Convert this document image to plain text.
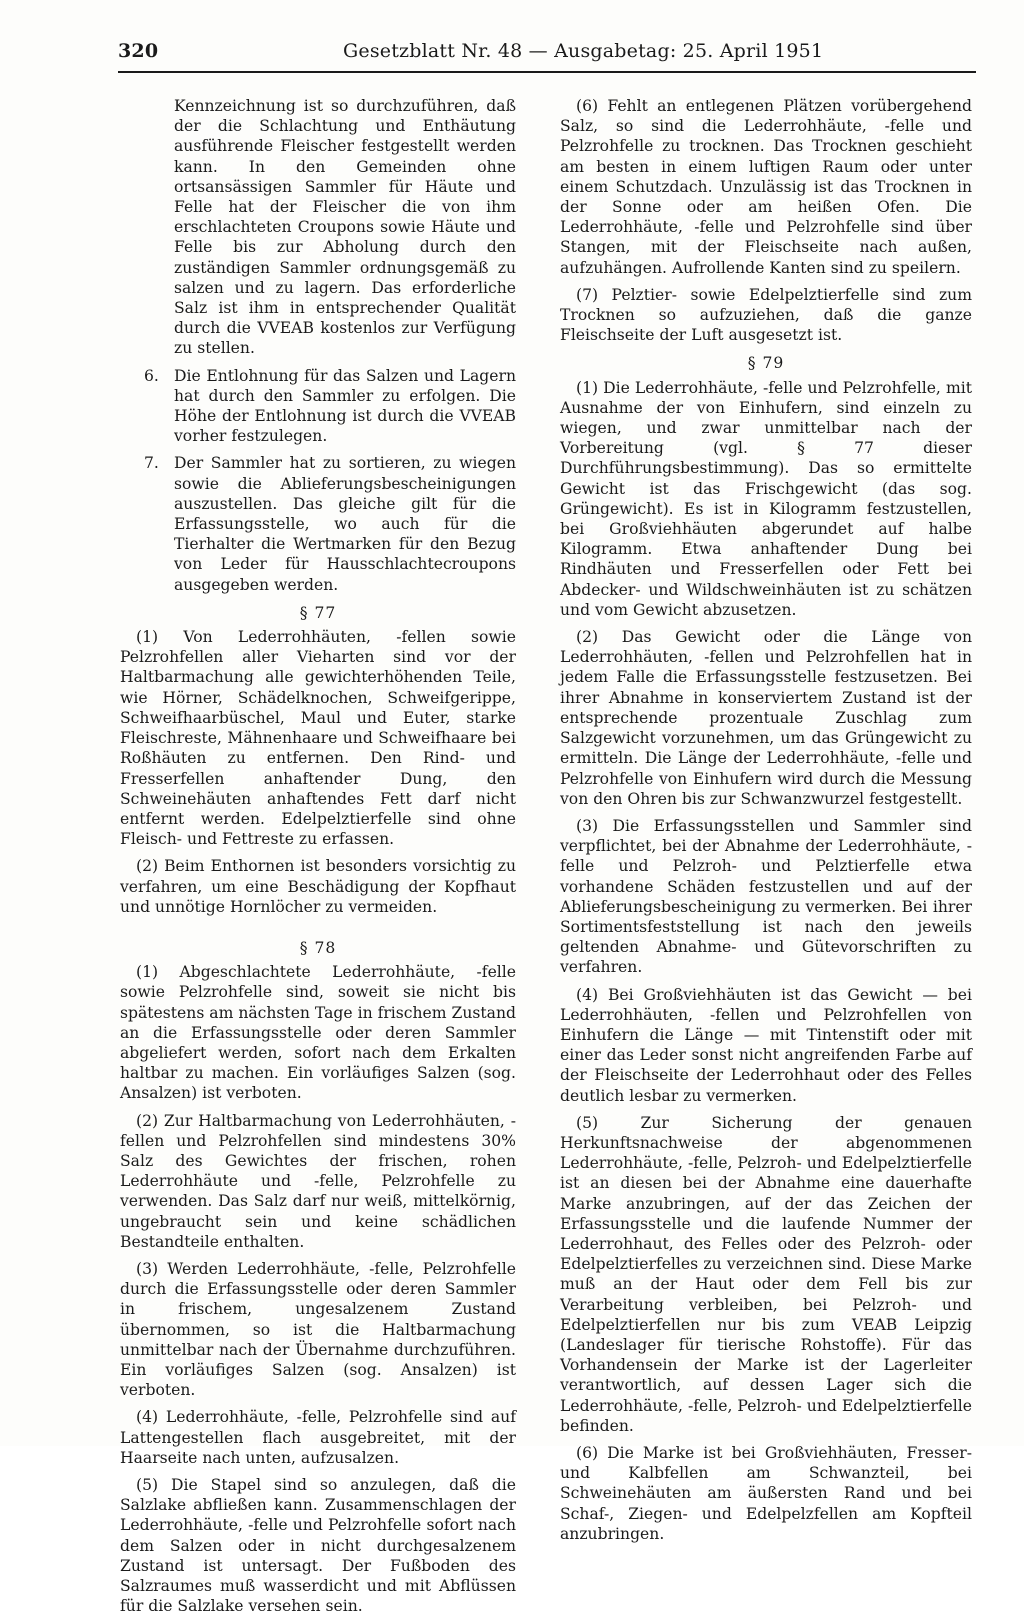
320	Gesetzblatt Nr. 48 — Ausgabetag: 25. April 1951

Kennzeichnung ist so durchzuführen, daß der die Schlachtung und Enthäutung ausführende Fleischer festgestellt werden kann. In den Gemeinden ohne ortsansässigen Sammler für Häute und Felle hat der Fleischer die von ihm erschlachteten Croupons sowie Häute und Felle bis zur Abholung durch den zuständigen Sammler ordnungsgemäß zu salzen und zu lagern. Das erforderliche Salz ist ihm in entsprechender Qualität durch die VVEAB kostenlos zur Verfügung zu stellen.

6. Die Entlohnung für das Salzen und Lagern hat durch den Sammler zu erfolgen. Die Höhe der Entlohnung ist durch die VVEAB vorher festzulegen.
7. Der Sammler hat zu sortieren, zu wiegen sowie die Ablieferungsbescheinigungen auszustellen. Das gleiche gilt für die Erfassungsstelle, wo auch für die Tierhalter die Wertmarken für den Bezug von Leder für Hausschlachtecroupons ausgegeben werden.
§ 77

(1) Von Lederrohhäuten, -fellen sowie Pelzrohfellen aller Vieharten sind vor der Haltbarmachung alle gewichterhöhenden Teile, wie Hörner, Schädelknochen, Schweifgerippe, Schweifhaarbüschel, Maul und Euter, starke Fleischreste, Mähnenhaare und Schweifhaare bei Roßhäuten zu entfernen. Den Rind- und Fresserfellen anhaftender Dung, den Schweinehäuten anhaftendes Fett darf nicht entfernt werden. Edelpelztierfelle sind ohne Fleisch- und Fettreste zu erfassen.

(2) Beim Enthornen ist besonders vorsichtig zu verfahren, um eine Beschädigung der Kopfhaut und unnötige Hornlöcher zu vermeiden.

§ 78

(1) Abgeschlachtete Lederrohhäute, -felle sowie Pelzrohfelle sind, soweit sie nicht bis spätestens am nächsten Tage in frischem Zustand an die Erfassungsstelle oder deren Sammler abgeliefert werden, sofort nach dem Erkalten haltbar zu machen. Ein vorläufiges Salzen (sog. Ansalzen) ist verboten.

(2) Zur Haltbarmachung von Lederrohhäuten, -fellen und Pelzrohfellen sind mindestens 30% Salz des Gewichtes der frischen, rohen Lederrohhäute und -felle, Pelzrohfelle zu verwenden. Das Salz darf nur weiß, mittelkörnig, ungebraucht sein und keine schädlichen Bestandteile enthalten.

(3) Werden Lederrohhäute, -felle, Pelzrohfelle durch die Erfassungsstelle oder deren Sammler in frischem, ungesalzenem Zustand übernommen, so ist die Haltbarmachung unmittelbar nach der Übernahme durchzuführen. Ein vorläufiges Salzen (sog. Ansalzen) ist verboten.

(4) Lederrohhäute, -felle, Pelzrohfelle sind auf Lattengestellen flach ausgebreitet, mit der Haarseite nach unten, aufzusalzen.

(5) Die Stapel sind so anzulegen, daß die Salzlake abfließen kann. Zusammenschlagen der Lederrohhäute, -felle und Pelzrohfelle sofort nach dem Salzen oder in nicht durchgesalzenem Zustand ist untersagt. Der Fußboden des Salzraumes muß wasserdicht und mit Abflüssen für die Salzlake versehen sein.

(6) Fehlt an entlegenen Plätzen vorübergehend Salz, so sind die Lederrohhäute, -felle und Pelzrohfelle zu trocknen. Das Trocknen geschieht am besten in einem luftigen Raum oder unter einem Schutzdach. Unzulässig ist das Trocknen in der Sonne oder am heißen Ofen. Die Lederrohhäute, -felle und Pelzrohfelle sind über Stangen, mit der Fleischseite nach außen, aufzuhängen. Aufrollende Kanten sind zu speilern.

(7) Pelztier- sowie Edelpelztierfelle sind zum Trocknen so aufzuziehen, daß die ganze Fleischseite der Luft ausgesetzt ist.

§ 79

(1) Die Lederrohhäute, -felle und Pelzrohfelle, mit Ausnahme der von Einhufern, sind einzeln zu wiegen, und zwar unmittelbar nach der Vorbereitung (vgl. § 77 dieser Durchführungsbestimmung). Das so ermittelte Gewicht ist das Frischgewicht (das sog. Grüngewicht). Es ist in Kilogramm festzustellen, bei Großviehhäuten abgerundet auf halbe Kilogramm. Etwa anhaftender Dung bei Rindhäuten und Fresserfellen oder Fett bei Abdecker- und Wildschweinhäuten ist zu schätzen und vom Gewicht abzusetzen.

(2) Das Gewicht oder die Länge von Lederrohhäuten, -fellen und Pelzrohfellen hat in jedem Falle die Erfassungsstelle festzusetzen. Bei ihrer Abnahme in konserviertem Zustand ist der entsprechende prozentuale Zuschlag zum Salzgewicht vorzunehmen, um das Grüngewicht zu ermitteln. Die Länge der Lederrohhäute, -felle und Pelzrohfelle von Einhufern wird durch die Messung von den Ohren bis zur Schwanzwurzel festgestellt.

(3) Die Erfassungsstellen und Sammler sind verpflichtet, bei der Abnahme der Lederrohhäute, -felle und Pelzroh- und Pelztierfelle etwa vorhandene Schäden festzustellen und auf der Ablieferungsbescheinigung zu vermerken. Bei ihrer Sortimentsfeststellung ist nach den jeweils geltenden Abnahme- und Gütevorschriften zu verfahren.

(4) Bei Großviehhäuten ist das Gewicht — bei Lederrohhäuten, -fellen und Pelzrohfellen von Einhufern die Länge — mit Tintenstift oder mit einer das Leder sonst nicht angreifenden Farbe auf der Fleischseite der Lederrohhaut oder des Felles deutlich lesbar zu vermerken.

(5) Zur Sicherung der genauen Herkunftsnachweise der abgenommenen Lederrohhäute, -felle, Pelzroh- und Edelpelztierfelle ist an diesen bei der Abnahme eine dauerhafte Marke anzubringen, auf der das Zeichen der Erfassungsstelle und die laufende Nummer der Lederrohhaut, des Felles oder des Pelzroh- oder Edelpelztierfelles zu verzeichnen sind. Diese Marke muß an der Haut oder dem Fell bis zur Verarbeitung verbleiben, bei Pelzroh- und Edelpelztierfellen nur bis zum VEAB Leipzig (Landeslager für tierische Rohstoffe). Für das Vorhandensein der Marke ist der Lagerleiter verantwortlich, auf dessen Lager sich die Lederrohhäute, -felle, Pelzroh- und Edelpelztierfelle befinden.

(6) Die Marke ist bei Großviehhäuten, Fresser- und Kalbfellen am Schwanzteil, bei Schweinehäuten am äußersten Rand und bei Schaf-, Ziegen- und Edelpelzfellen am Kopfteil anzubringen.
